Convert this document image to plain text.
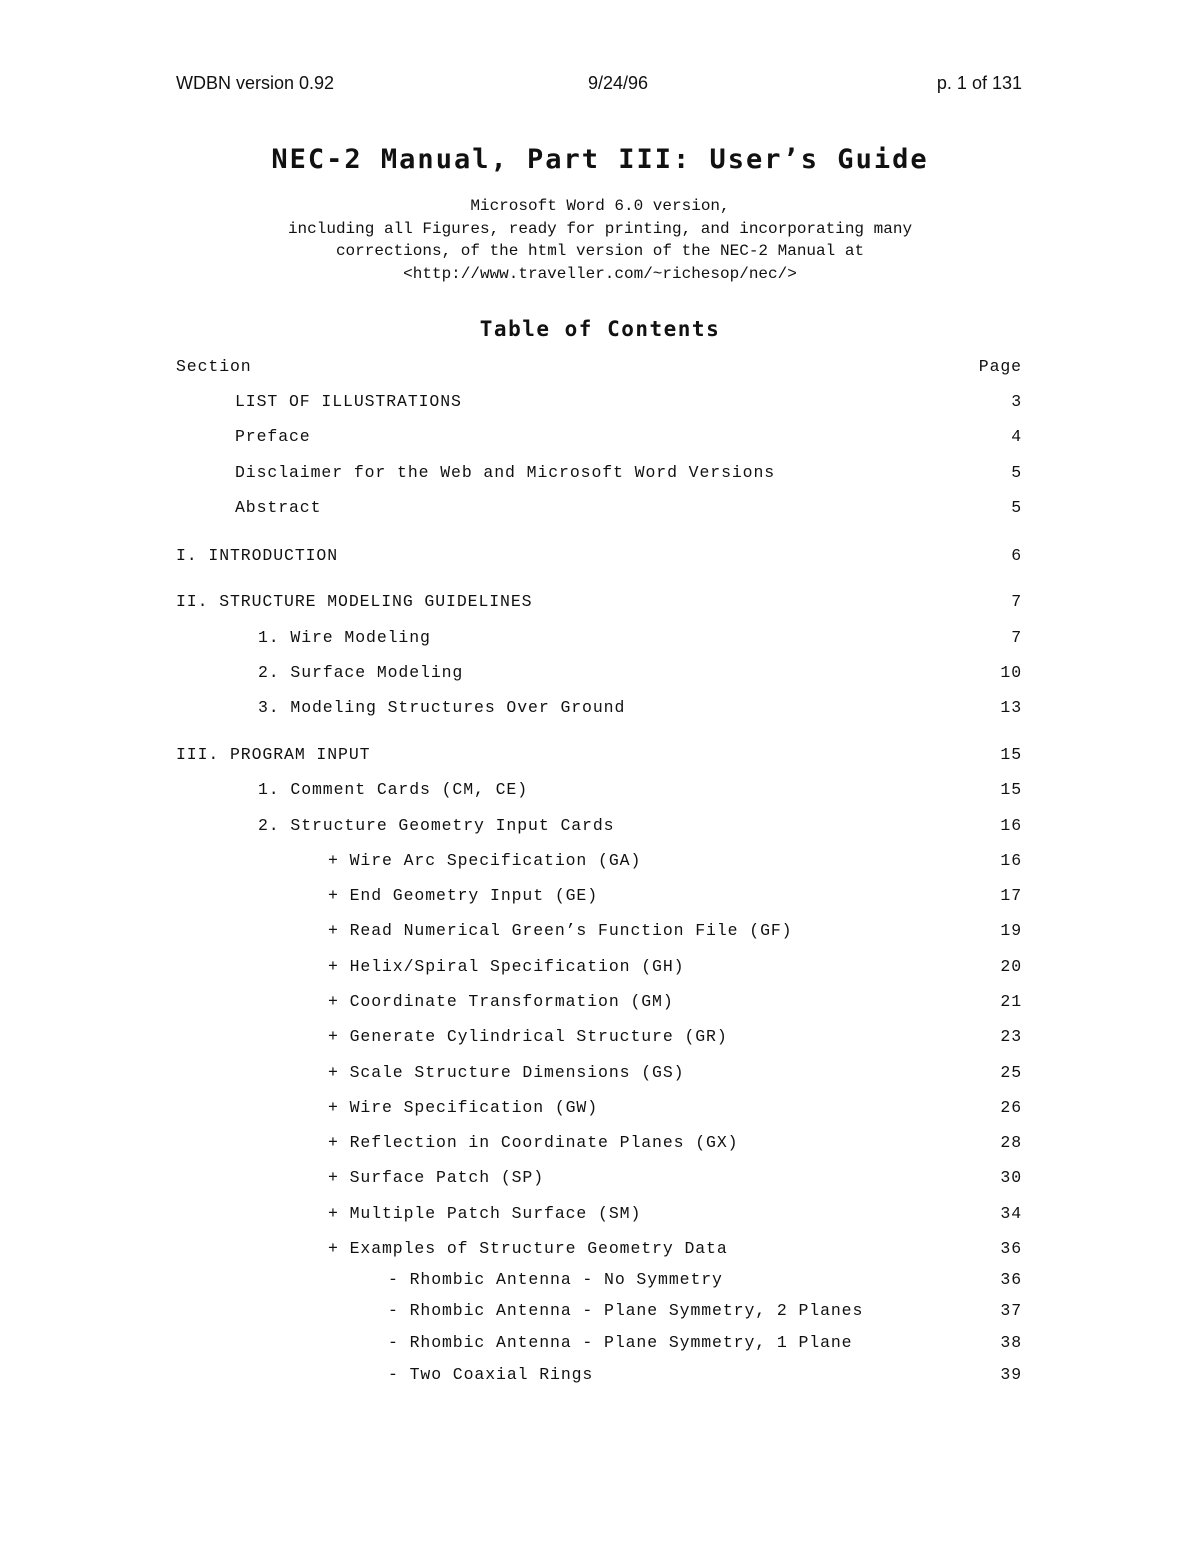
WDBN version 0.92	9/24/96	p. 1 of 131
NEC-2 Manual, Part III: User’s Guide
Microsoft Word 6.0 version,
including all Figures, ready for printing, and incorporating many
corrections, of the html version of the NEC-2 Manual at
<http://www.traveller.com/~richesop/nec/>
Table of Contents
Section	Page
LIST OF ILLUSTRATIONS	3
Preface	4
Disclaimer for the Web and Microsoft Word Versions	5
Abstract	5
I. INTRODUCTION	6
II. STRUCTURE MODELING GUIDELINES	7
1. Wire Modeling	7
2. Surface Modeling	10
3. Modeling Structures Over Ground	13
III. PROGRAM INPUT	15
1. Comment Cards (CM, CE)	15
2. Structure Geometry Input Cards	16
+ Wire Arc Specification (GA)	16
+ End Geometry Input (GE)	17
+ Read Numerical Green’s Function File (GF)	19
+ Helix/Spiral Specification (GH)	20
+ Coordinate Transformation (GM)	21
+ Generate Cylindrical Structure (GR)	23
+ Scale Structure Dimensions (GS)	25
+ Wire Specification (GW)	26
+ Reflection in Coordinate Planes (GX)	28
+ Surface Patch (SP)	30
+ Multiple Patch Surface (SM)	34
+ Examples of Structure Geometry Data	36
- Rhombic Antenna - No Symmetry	36
- Rhombic Antenna - Plane Symmetry, 2 Planes	37
- Rhombic Antenna - Plane Symmetry, 1 Plane	38
- Two Coaxial Rings	39
